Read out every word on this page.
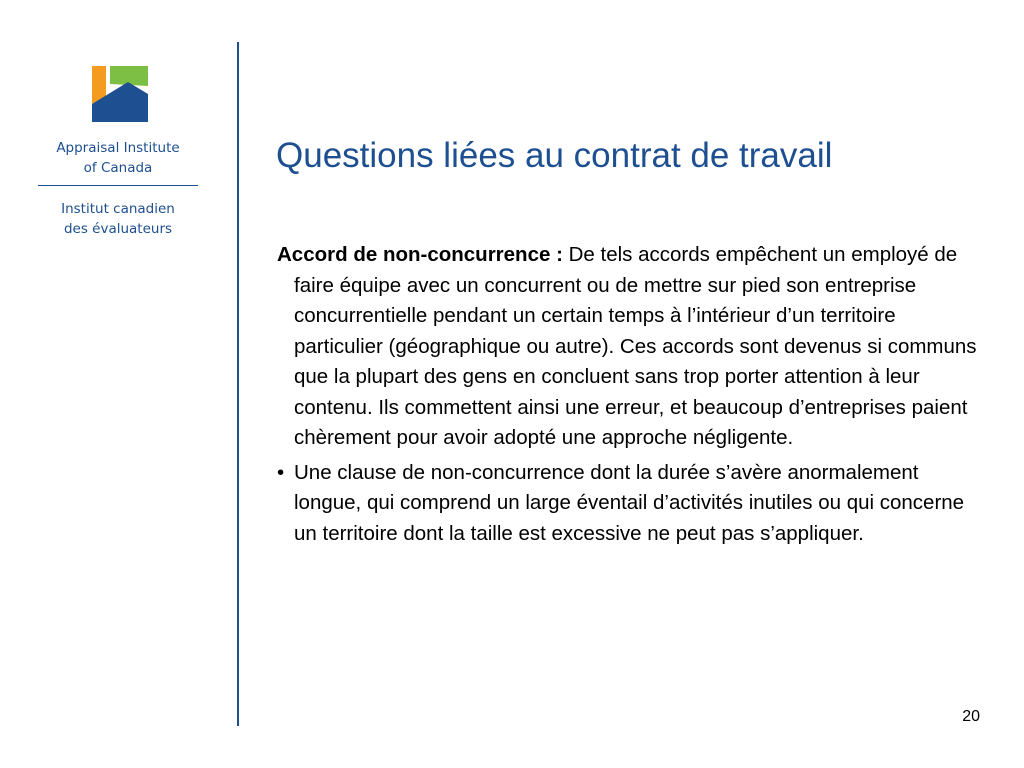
Appraisal Institute
of Canada
Institut canadien
des évaluateurs
Questions liées au contrat de travail

Accord de non-concurrence : De tels accords empêchent un employé de faire équipe avec un concurrent ou de mettre sur pied son entreprise concurrentielle pendant un certain temps à l’intérieur d’un territoire particulier (géographique ou autre). Ces accords sont devenus si communs que la plupart des gens en concluent sans trop porter attention à leur contenu. Ils commettent ainsi une erreur, et beaucoup d’entreprises paient chèrement pour avoir adopté une approche négligente.

• Une clause de non-concurrence dont la durée s’avère anormalement longue, qui comprend un large éventail d’activités inutiles ou qui concerne un territoire dont la taille est excessive ne peut pas s’appliquer.
20
